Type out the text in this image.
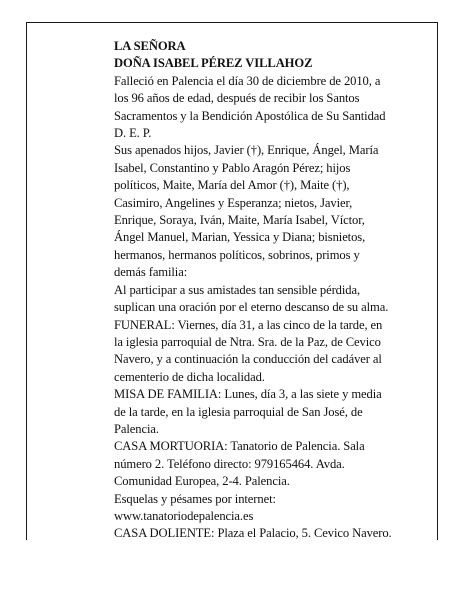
LA SEÑORA
DOÑA ISABEL PÉREZ VILLAHOZ
Falleció en Palencia el día 30 de diciembre de 2010, a
los 96 años de edad, después de recibir los Santos
Sacramentos y la Bendición Apostólica de Su Santidad
D. E. P.
Sus apenados hijos, Javier (†), Enrique, Ángel, María
Isabel, Constantino y Pablo Aragón Pérez; hijos
políticos, Maite, María del Amor (†), Maite (†),
Casimiro, Angelines y Esperanza; nietos, Javier,
Enrique, Soraya, Iván, Maite, María Isabel, Víctor,
Ángel Manuel, Marian, Yessica y Diana; bisnietos,
hermanos, hermanos políticos, sobrinos, primos y
demás familia:
Al participar a sus amistades tan sensible pérdida,
suplican una oración por el eterno descanso de su alma.
FUNERAL: Viernes, día 31, a las cinco de la tarde, en
la iglesia parroquial de Ntra. Sra. de la Paz, de Cevico
Navero, y a continuación la conducción del cadáver al
cementerio de dicha localidad.
MISA DE FAMILIA: Lunes, día 3, a las siete y media
de la tarde, en la iglesia parroquial de San José, de
Palencia.
CASA MORTUORIA: Tanatorio de Palencia. Sala
número 2. Teléfono directo: 979165464. Avda.
Comunidad Europea, 2-4. Palencia.
Esquelas y pésames por internet:
www.tanatoriodepalencia.es
CASA DOLIENTE: Plaza el Palacio, 5. Cevico Navero.
